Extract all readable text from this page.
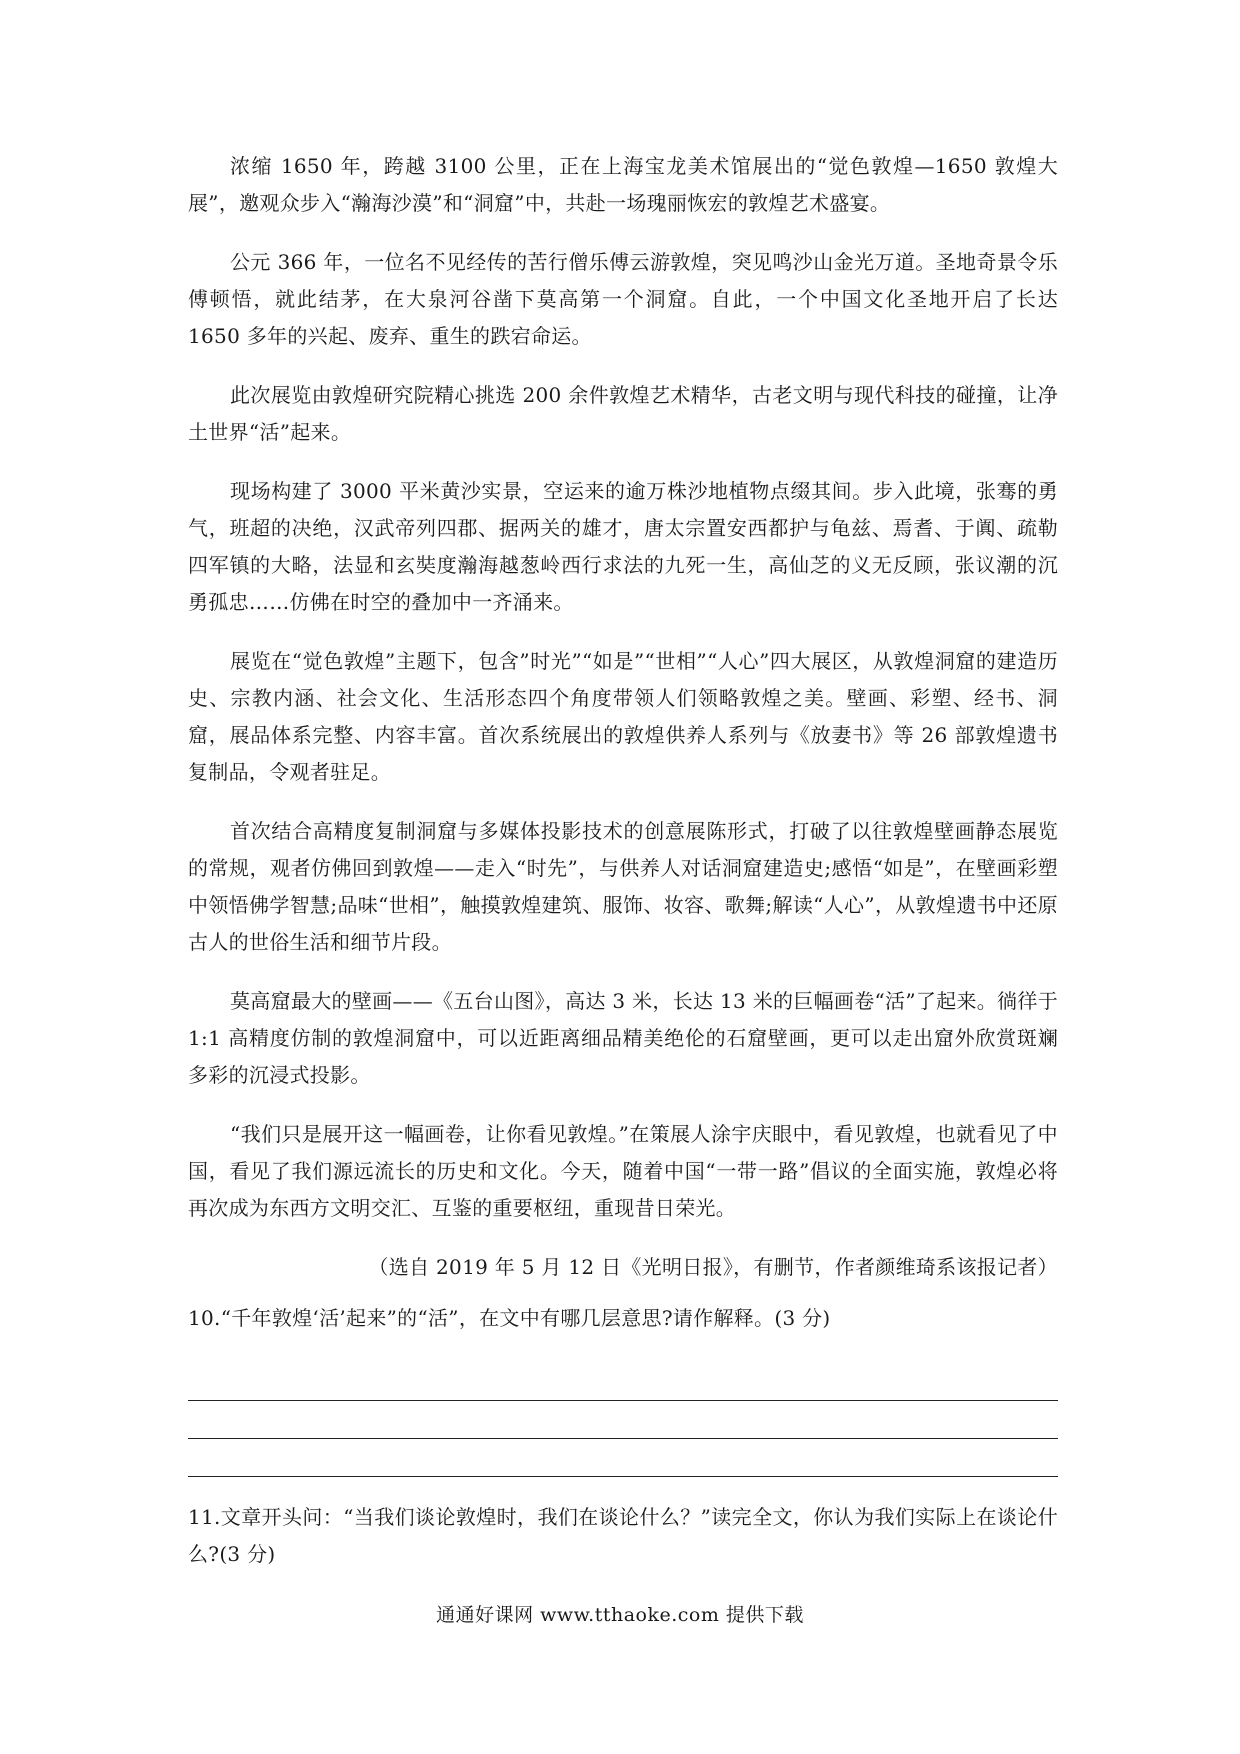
浓缩 1650 年，跨越 3100 公里，正在上海宝龙美术馆展出的“觉色敦煌—1650 敦煌大展”，邀观众步入“瀚海沙漠”和“洞窟”中，共赴一场瑰丽恢宏的敦煌艺术盛宴。

公元 366 年，一位名不见经传的苦行僧乐傅云游敦煌，突见鸣沙山金光万道。圣地奇景令乐傅顿悟，就此结茅，在大泉河谷凿下莫高第一个洞窟。自此，一个中国文化圣地开启了长达 1650 多年的兴起、废弃、重生的跌宕命运。

此次展览由敦煌研究院精心挑选 200 余件敦煌艺术精华，古老文明与现代科技的碰撞，让净土世界“活”起来。

现场构建了 3000 平米黄沙实景，空运来的逾万株沙地植物点缀其间。步入此境，张骞的勇气，班超的决绝，汉武帝列四郡、据两关的雄才，唐太宗置安西都护与龟兹、焉耆、于阗、疏勒四军镇的大略，法显和玄奘度瀚海越葱岭西行求法的九死一生，高仙芝的义无反顾，张议潮的沉勇孤忠……仿佛在时空的叠加中一齐涌来。

展览在“觉色敦煌”主题下，包含”时光”“如是”“世相”“人心”四大展区，从敦煌洞窟的建造历史、宗教内涵、社会文化、生活形态四个角度带领人们领略敦煌之美。壁画、彩塑、经书、洞窟，展品体系完整、内容丰富。首次系统展出的敦煌供养人系列与《放妻书》等 26 部敦煌遗书复制品，令观者驻足。

首次结合高精度复制洞窟与多媒体投影技术的创意展陈形式，打破了以往敦煌壁画静态展览的常规，观者仿佛回到敦煌——走入“时先”，与供养人对话洞窟建造史;感悟“如是”，在壁画彩塑中领悟佛学智慧;品味“世相”，触摸敦煌建筑、服饰、妆容、歌舞;解读“人心”，从敦煌遗书中还原古人的世俗生活和细节片段。

莫高窟最大的壁画——《五台山图》，高达 3 米，长达 13 米的巨幅画卷“活”了起来。徜徉于 1:1 高精度仿制的敦煌洞窟中，可以近距离细品精美绝伦的石窟壁画，更可以走出窟外欣赏斑斓多彩的沉浸式投影。

“我们只是展开这一幅画卷，让你看见敦煌。”在策展人涂宇庆眼中，看见敦煌，也就看见了中国，看见了我们源远流长的历史和文化。今天，随着中国“一带一路”倡议的全面实施，敦煌必将再次成为东西方文明交汇、互鉴的重要枢纽，重现昔日荣光。

（选自 2019 年 5 月 12 日《光明日报》，有删节，作者颜维琦系该报记者）

10.“千年敦煌‘活’起来”的“活”，在文中有哪几层意思?请作解释。(3 分)

11.文章开头问：“当我们谈论敦煌时，我们在谈论什么？”读完全文，你认为我们实际上在谈论什么?(3 分)

通通好课网 www.tthaoke.com 提供下载
